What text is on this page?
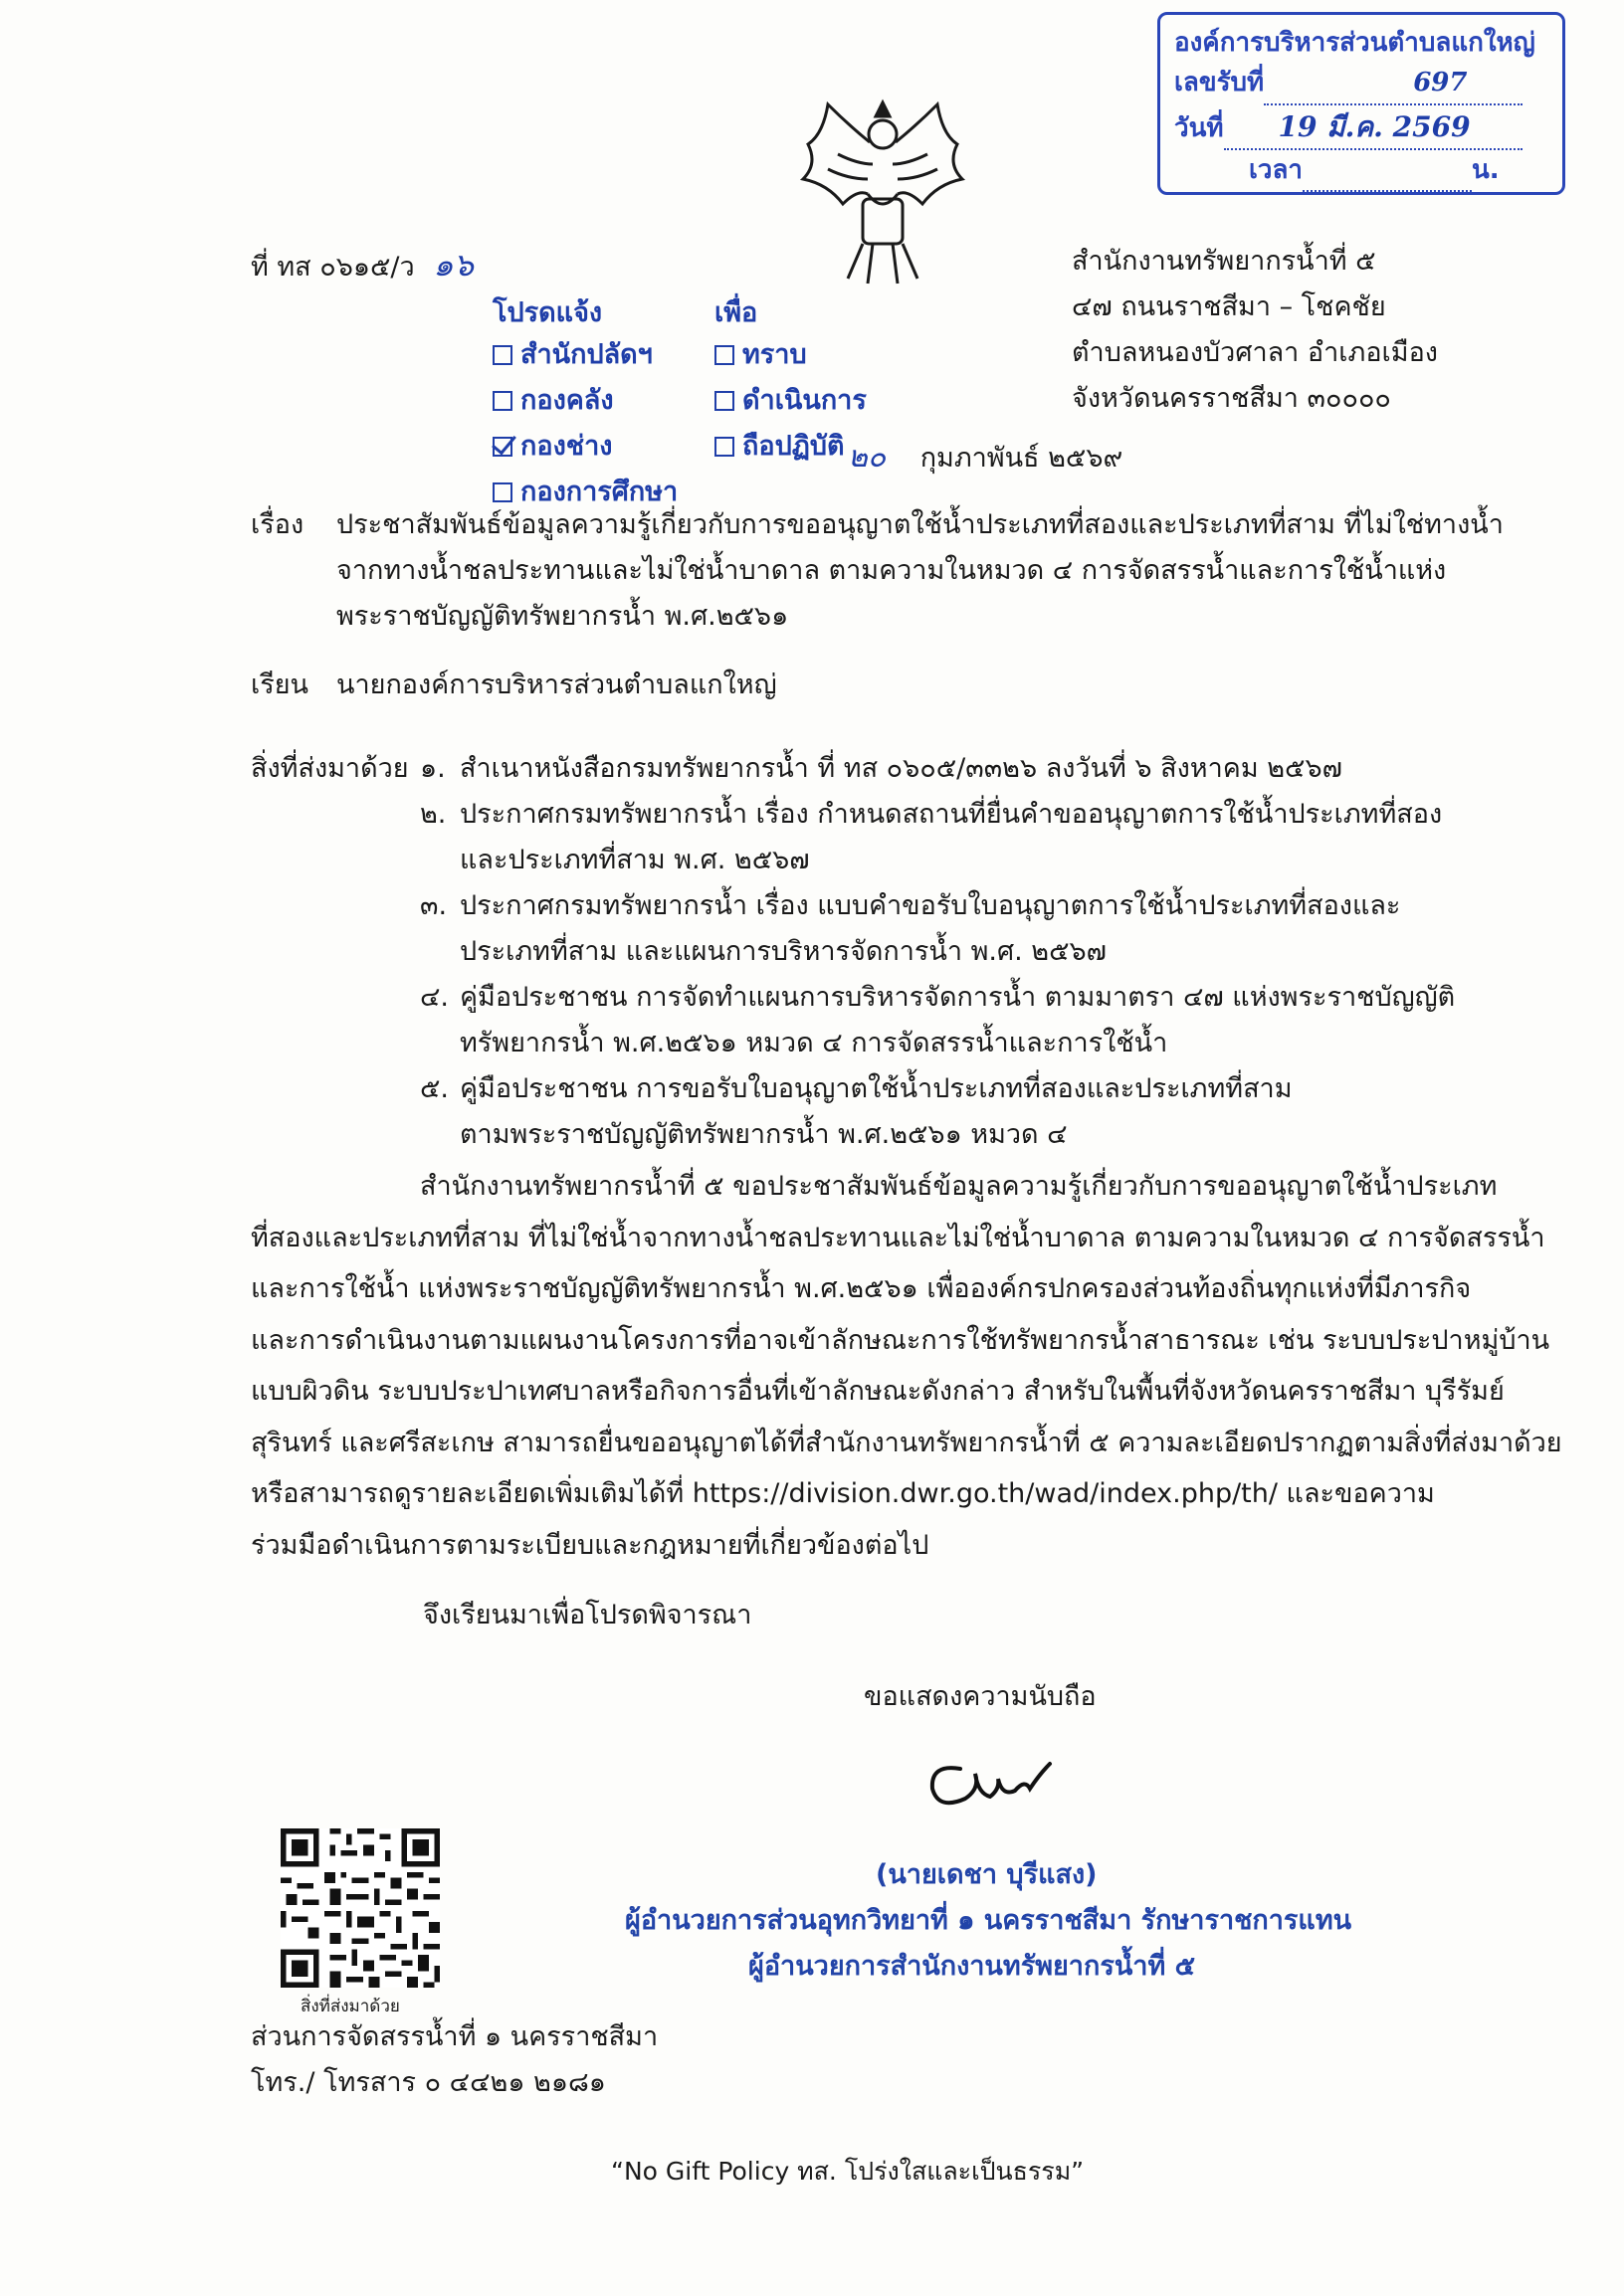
องค์การบริหารส่วนตำบลแกใหญ่
เลขรับที่	697
วันที่ 19 มี.ค. 2569
เวลา	น.
ที่ ทส ๐๖๑๕/ว ๑๖	สำนักงานทรัพยากรน้ำที่ ๕
๔๗ ถนนราชสีมา – โชคชัย
ตำบลหนองบัวศาลา อำเภอเมือง
จังหวัดนครราชสีมา ๓๐๐๐๐
โปรดแจ้ง	เพื่อ
สำนักปลัดฯ
กองคลัง
กองช่าง
กองการศึกษา
ทราบ
ดำเนินการ
ถือปฏิบัติ ๒๐ กุมภาพันธ์ ๒๕๖๙
เรื่อง ประชาสัมพันธ์ข้อมูลความรู้เกี่ยวกับการขออนุญาตใช้น้ำประเภทที่สองและประเภทที่สาม ที่ไม่ใช่ทางน้ำ
จากทางน้ำชลประทานและไม่ใช่น้ำบาดาล ตามความในหมวด ๔ การจัดสรรน้ำและการใช้น้ำแห่ง
พระราชบัญญัติทรัพยากรน้ำ พ.ศ.๒๕๖๑
เรียน นายกองค์การบริหารส่วนตำบลแกใหญ่
สิ่งที่ส่งมาด้วย ๑. สำเนาหนังสือกรมทรัพยากรน้ำ ที่ ทส ๐๖๐๕/๓๓๒๖ ลงวันที่ ๖ สิงหาคม ๒๕๖๗
๒. ประกาศกรมทรัพยากรน้ำ เรื่อง กำหนดสถานที่ยื่นคำขออนุญาตการใช้น้ำประเภทที่สอง
และประเภทที่สาม พ.ศ. ๒๕๖๗
๓. ประกาศกรมทรัพยากรน้ำ เรื่อง แบบคำขอรับใบอนุญาตการใช้น้ำประเภทที่สองและ
ประเภทที่สาม และแผนการบริหารจัดการน้ำ พ.ศ. ๒๕๖๗
๔. คู่มือประชาชน การจัดทำแผนการบริหารจัดการน้ำ ตามมาตรา ๔๗ แห่งพระราชบัญญัติ
ทรัพยากรน้ำ พ.ศ.๒๕๖๑ หมวด ๔ การจัดสรรน้ำและการใช้น้ำ
๕. คู่มือประชาชน การขอรับใบอนุญาตใช้น้ำประเภทที่สองและประเภทที่สาม
ตามพระราชบัญญัติทรัพยากรน้ำ พ.ศ.๒๕๖๑ หมวด ๔
สำนักงานทรัพยากรน้ำที่ ๕ ขอประชาสัมพันธ์ข้อมูลความรู้เกี่ยวกับการขออนุญาตใช้น้ำประเภท
ที่สองและประเภทที่สาม ที่ไม่ใช่น้ำจากทางน้ำชลประทานและไม่ใช่น้ำบาดาล ตามความในหมวด ๔ การจัดสรรน้ำ
และการใช้น้ำ แห่งพระราชบัญญัติทรัพยากรน้ำ พ.ศ.๒๕๖๑ เพื่อองค์กรปกครองส่วนท้องถิ่นทุกแห่งที่มีภารกิจ
และการดำเนินงานตามแผนงานโครงการที่อาจเข้าลักษณะการใช้ทรัพยากรน้ำสาธารณะ เช่น ระบบประปาหมู่บ้าน
แบบผิวดิน ระบบประปาเทศบาลหรือกิจการอื่นที่เข้าลักษณะดังกล่าว สำหรับในพื้นที่จังหวัดนครราชสีมา บุรีรัมย์
สุรินทร์ และศรีสะเกษ สามารถยื่นขออนุญาตได้ที่สำนักงานทรัพยากรน้ำที่ ๕ ความละเอียดปรากฏตามสิ่งที่ส่งมาด้วย
หรือสามารถดูรายละเอียดเพิ่มเติมได้ที่ https://division.dwr.go.th/wad/index.php/th/ และขอความ
ร่วมมือดำเนินการตามระเบียบและกฎหมายที่เกี่ยวข้องต่อไป
จึงเรียนมาเพื่อโปรดพิจารณา
ขอแสดงความนับถือ
(นายเดชา บุรีแสง)
ผู้อำนวยการส่วนอุทกวิทยาที่ ๑ นครราชสีมา รักษาราชการแทน
ผู้อำนวยการสำนักงานทรัพยากรน้ำที่ ๕
สิ่งที่ส่งมาด้วย
ส่วนการจัดสรรน้ำที่ ๑ นครราชสีมา
โทร./ โทรสาร ๐ ๔๔๒๑ ๒๑๘๑
“No Gift Policy ทส. โปร่งใสและเป็นธรรม”
